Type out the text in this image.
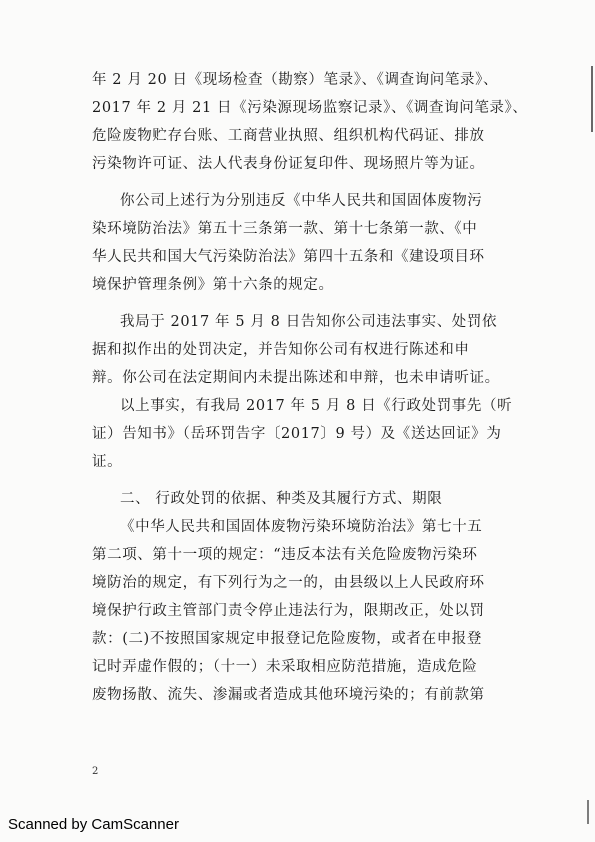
年 2 月 20 日《现场检查（勘察）笔录》、《调查询问笔录》、
2017 年 2 月 21 日《污染源现场监察记录》、《调查询问笔录》、
危险废物贮存台账、工商营业执照、组织机构代码证、排放
污染物许可证、法人代表身份证复印件、现场照片等为证。
你公司上述行为分别违反《中华人民共和国固体废物污
染环境防治法》第五十三条第一款、第十七条第一款、《中
华人民共和国大气污染防治法》第四十五条和《建设项目环
境保护管理条例》第十六条的规定。
我局于 2017 年 5 月 8 日告知你公司违法事实、处罚依
据和拟作出的处罚决定，并告知你公司有权进行陈述和申
辩。你公司在法定期间内未提出陈述和申辩，也未申请听证。
以上事实，有我局 2017 年 5 月 8 日《行政处罚事先（听
证）告知书》（岳环罚告字〔2017〕9 号）及《送达回证》为
证。
二、 行政处罚的依据、种类及其履行方式、期限
《中华人民共和国固体废物污染环境防治法》第七十五
第二项、第十一项的规定：“违反本法有关危险废物污染环
境防治的规定，有下列行为之一的，由县级以上人民政府环
境保护行政主管部门责令停止违法行为，限期改正，处以罚
款：(二)不按照国家规定申报登记危险废物，或者在申报登
记时弄虚作假的；（十一）未采取相应防范措施，造成危险
废物扬散、流失、渗漏或者造成其他环境污染的；有前款第
2
Scanned by CamScanner
